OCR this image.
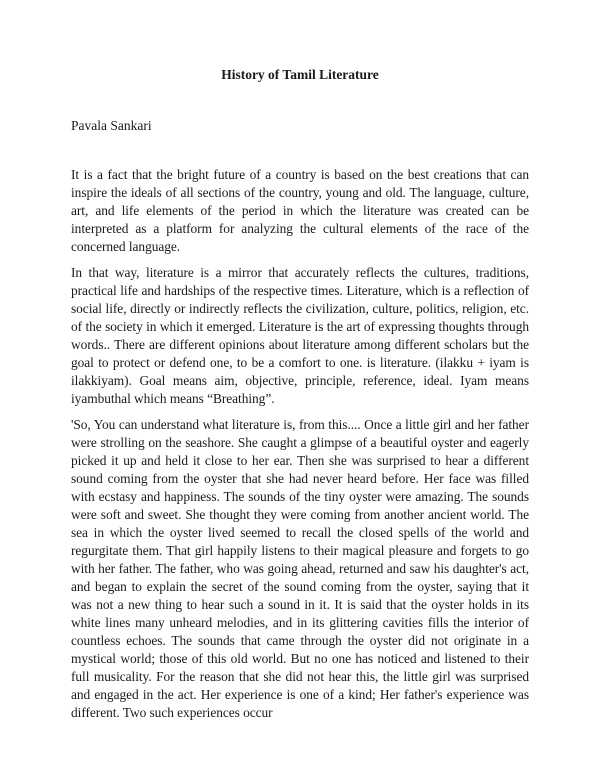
History of Tamil Literature
Pavala Sankari

It is a fact that the bright future of a country is based on the best creations that can inspire the ideals of all sections of the country, young and old. The language, culture, art, and life elements of the period in which the literature was created can be interpreted as a platform for analyzing the cultural elements of the race of the concerned language.

In that way, literature is a mirror that accurately reflects the cultures, traditions, practical life and hardships of the respective times. Literature, which is a reflection of social life, directly or indirectly reflects the civilization, culture, politics, religion, etc. of the society in which it emerged. Literature is the art of expressing thoughts through words.. There are different opinions about literature among different scholars but the goal to protect or defend one, to be a comfort to one. is literature. (ilakku + iyam is ilakkiyam). Goal means aim, objective, principle, reference, ideal. Iyam means iyambuthal which means “Breathing”.

'So, You can understand what literature is, from this.... Once a little girl and her father were strolling on the seashore. She caught a glimpse of a beautiful oyster and eagerly picked it up and held it close to her ear. Then she was surprised to hear a different sound coming from the oyster that she had never heard before. Her face was filled with ecstasy and happiness. The sounds of the tiny oyster were amazing. The sounds were soft and sweet. She thought they were coming from another ancient world. The sea in which the oyster lived seemed to recall the closed spells of the world and regurgitate them. That girl happily listens to their magical pleasure and forgets to go with her father. The father, who was going ahead, returned and saw his daughter's act, and began to explain the secret of the sound coming from the oyster, saying that it was not a new thing to hear such a sound in it. It is said that the oyster holds in its white lines many unheard melodies, and in its glittering cavities fills the interior of countless echoes. The sounds that came through the oyster did not originate in a mystical world; those of this old world. But no one has noticed and listened to their full musicality. For the reason that she did not hear this, the little girl was surprised and engaged in the act. Her experience is one of a kind; Her father's experience was different. Two such experiences occur
